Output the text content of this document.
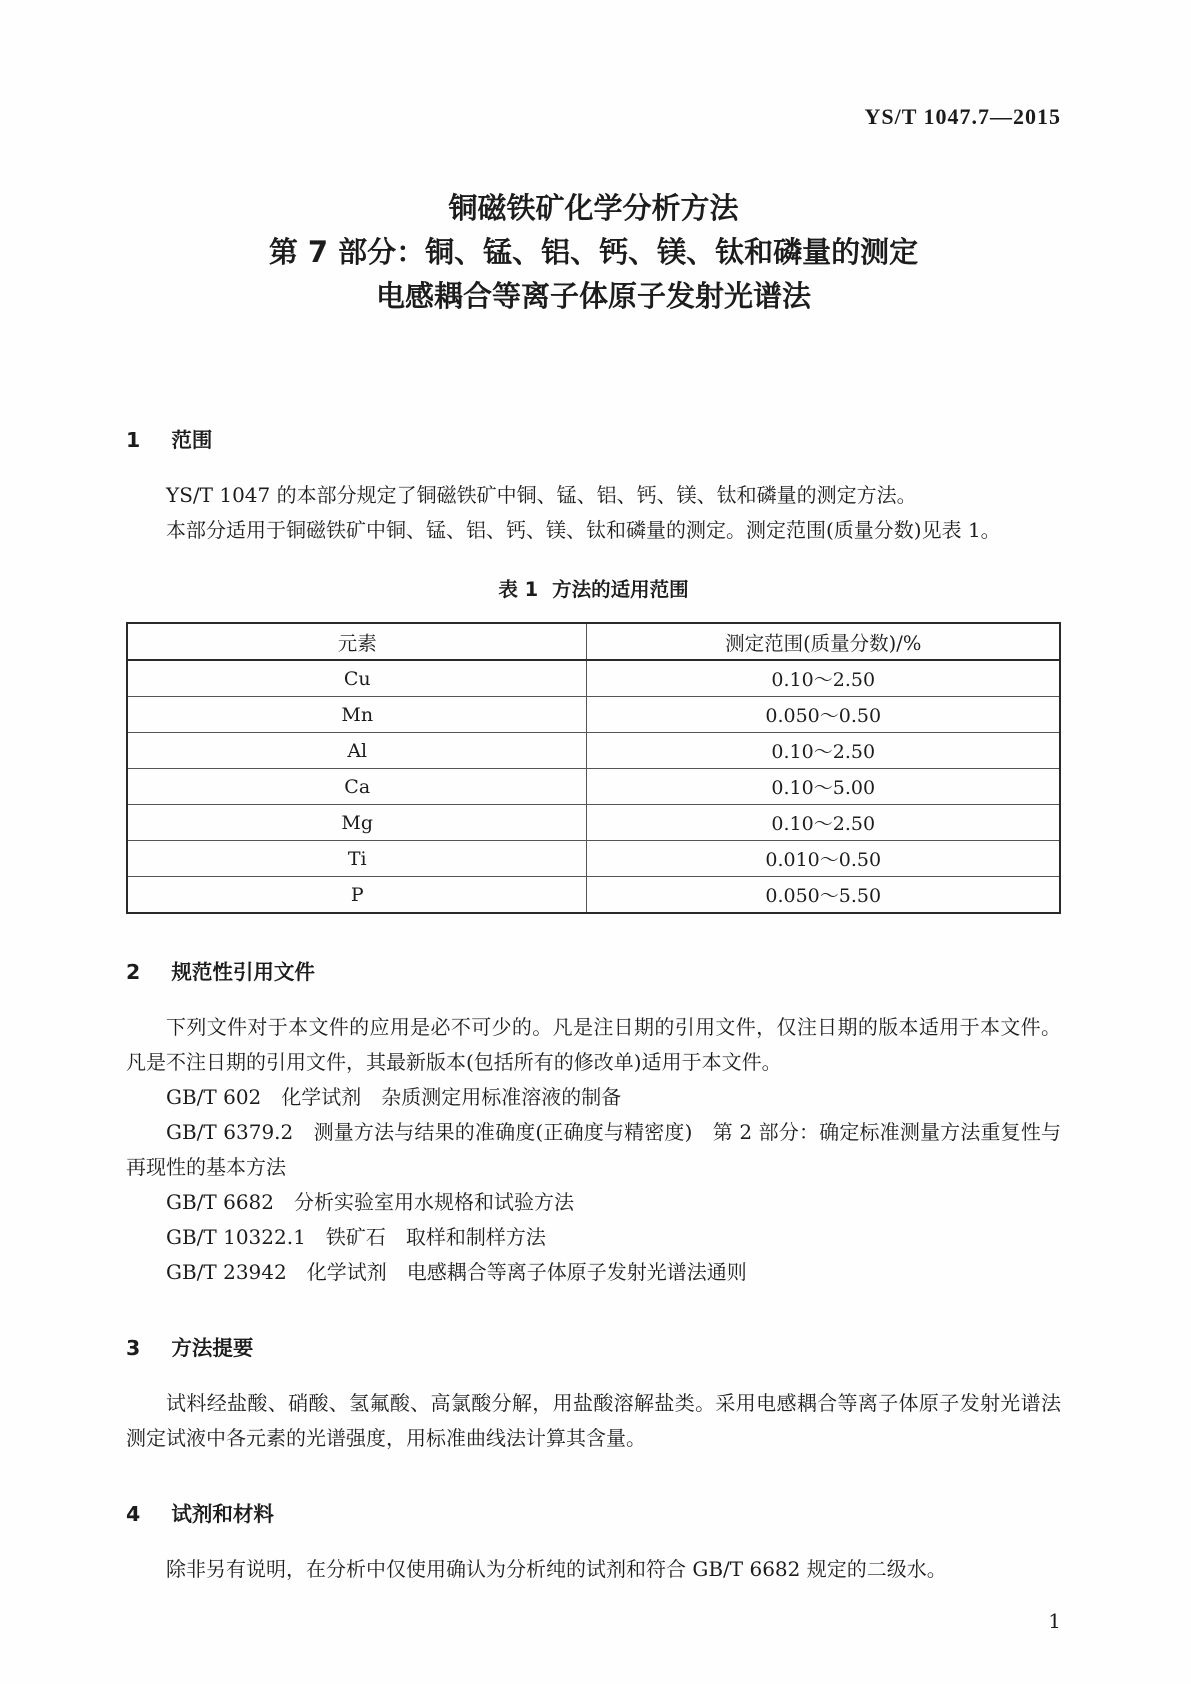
YS/T 1047.7—2015
铜磁铁矿化学分析方法
第 7 部分：铜、锰、铝、钙、镁、钛和磷量的测定
电感耦合等离子体原子发射光谱法
1 范围

YS/T 1047 的本部分规定了铜磁铁矿中铜、锰、铝、钙、镁、钛和磷量的测定方法。

本部分适用于铜磁铁矿中铜、锰、铝、钙、镁、钛和磷量的测定。测定范围(质量分数)见表 1。

表 1 方法的适用范围
元素	测定范围(质量分数)/%
Cu	0.10～2.50
Mn	0.050～0.50
Al	0.10～2.50
Ca	0.10～5.00
Mg	0.10～2.50
Ti	0.010～0.50
P	0.050～5.50
2 规范性引用文件

下列文件对于本文件的应用是必不可少的。凡是注日期的引用文件，仅注日期的版本适用于本文件。凡是不注日期的引用文件，其最新版本(包括所有的修改单)适用于本文件。

GB/T 602　化学试剂　杂质测定用标准溶液的制备

GB/T 6379.2　测量方法与结果的准确度(正确度与精密度)　第 2 部分：确定标准测量方法重复性与再现性的基本方法

GB/T 6682　分析实验室用水规格和试验方法

GB/T 10322.1　铁矿石　取样和制样方法

GB/T 23942　化学试剂　电感耦合等离子体原子发射光谱法通则

3 方法提要

试料经盐酸、硝酸、氢氟酸、高氯酸分解，用盐酸溶解盐类。采用电感耦合等离子体原子发射光谱法测定试液中各元素的光谱强度，用标准曲线法计算其含量。

4 试剂和材料

除非另有说明，在分析中仅使用确认为分析纯的试剂和符合 GB/T 6682 规定的二级水。

1
